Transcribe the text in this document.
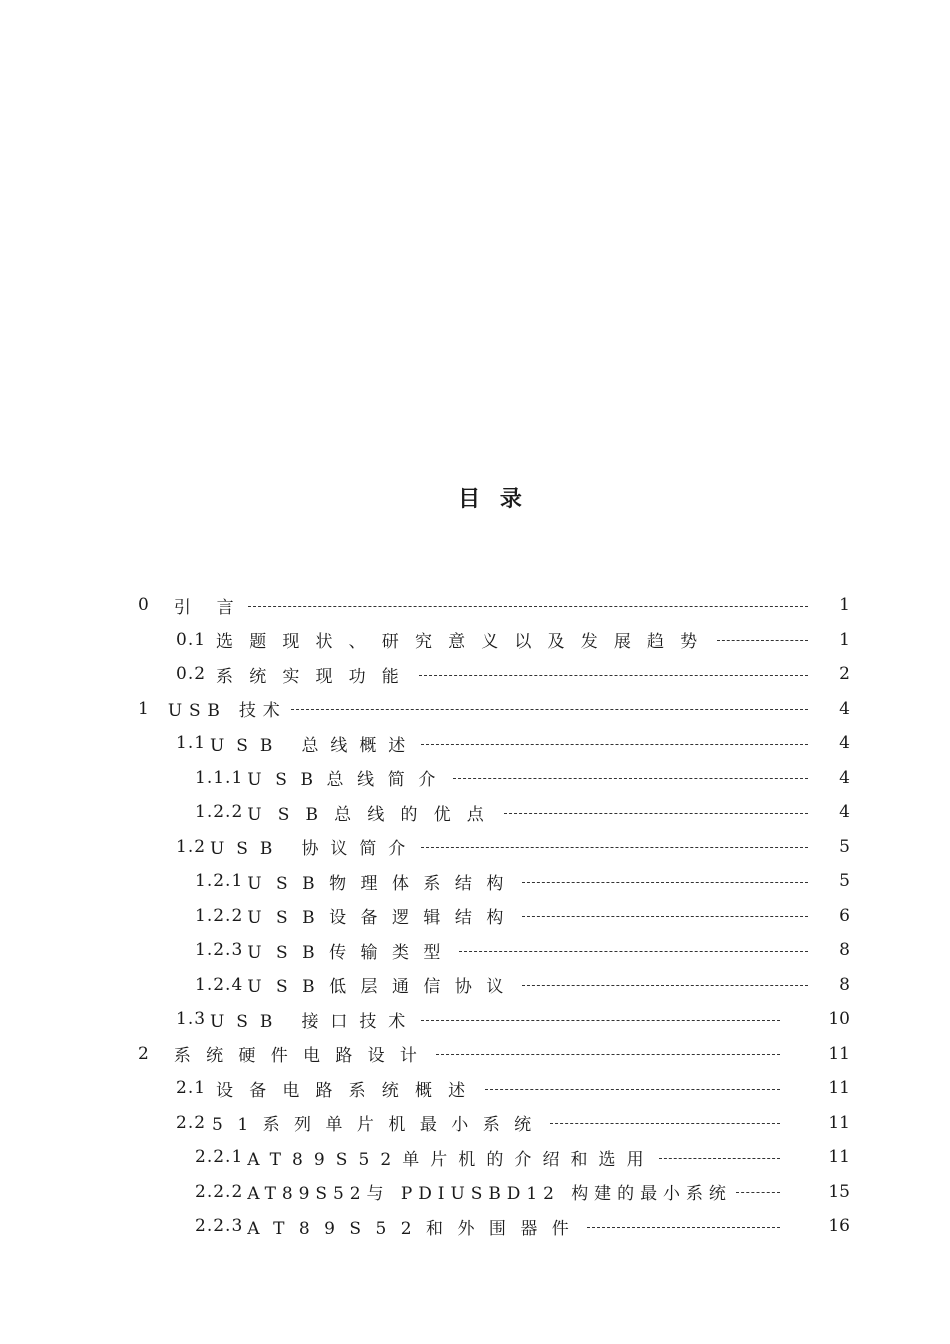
目 录
0 引 言	1
0.1 选题现状、研究意义以及发展趋势	1
0.2 系统实现功能	2
1 USB 技术	4
1.1 USB 总线概述	4
1.1.1 USB总线简介	4
1.2.2 USB总线的优点	4
1.2 USB 协议简介	5
1.2.1 USB物理体系结构	5
1.2.2 USB设备逻辑结构	6
1.2.3 USB传输类型	8
1.2.4 USB低层通信协议	8
1.3 USB 接口技术	10
2 系统硬件电路设计	11
2.1 设备电路系统概述	11
2.2 51系列单片机最小系统	11
2.2.1 AT89S52单片机的介绍和选用	11
2.2.2 AT89S52与 PDIUSBD12 构建的最小系统	15
2.2.3 AT89S52和外围器件	16
